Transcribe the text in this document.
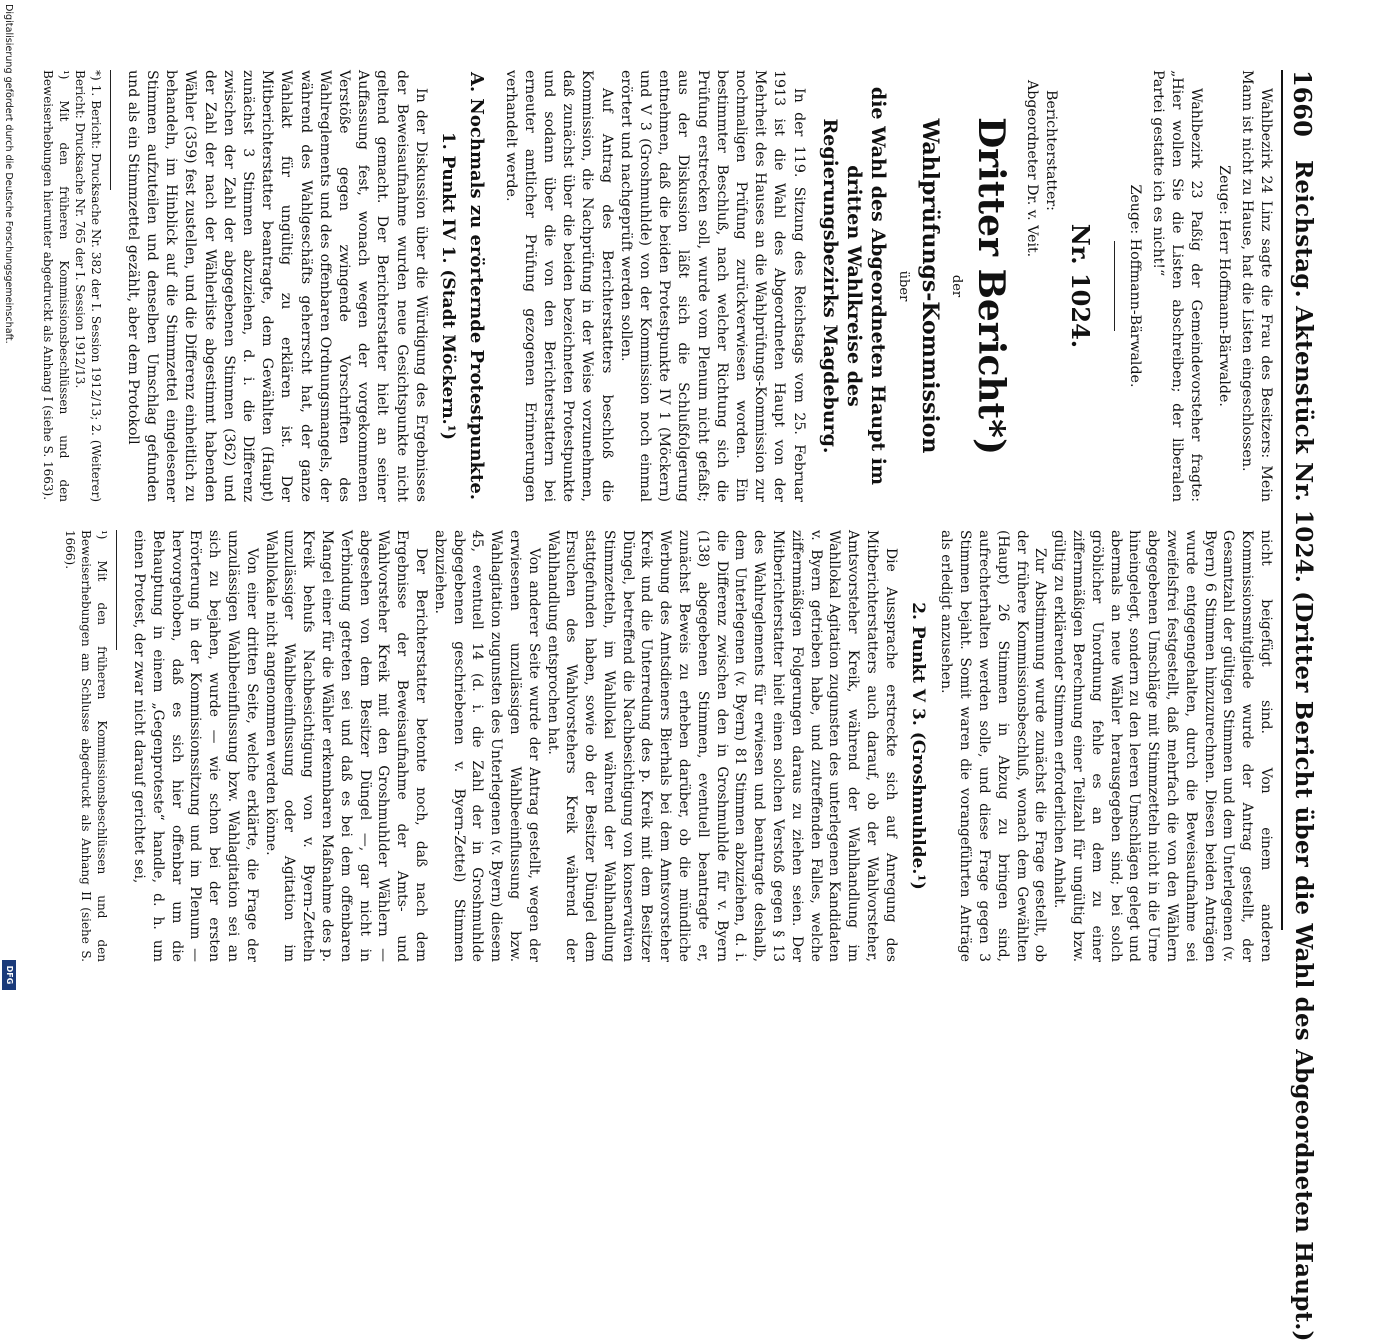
1660
Reichstag. Aktenstück Nr. 1024. (Dritter Bericht über die Wahl des Abgeordneten Haupt.)

Wahlbezirk 24 Linz sagte die Frau des Besitzers: Mein Mann ist nicht zu Hause, hat die Listen eingeschlossen.

Zeuge: Herr Hoffmann-Bärwalde.

Wahlbezirk 23 Paßig der Gemeindevorsteher fragte: „Hier wollen Sie die Listen abschreiben; der liberalen Partei gestatte ich es nicht!“

Zeuge: Hoffmann-Bärwalde.

Nr. 1024.

Berichterstatter:

Abgeordneter Dr. v. Veit.

Dritter Bericht*)
der
Wahlprüfungs-Kommission
über
die Wahl des Abgeordneten Haupt im dritten Wahlkreise des Regierungsbezirks Magdeburg.

In der 119. Sitzung des Reichstags vom 25. Februar 1913 ist die Wahl des Abgeordneten Haupt von der Mehrheit des Hauses an die Wahlprüfungs-Kommission zur nochmaligen Prüfung zurückverwiesen worden. Ein bestimmter Beschluß, nach welcher Richtung sich die Prüfung erstrecken soll, wurde vom Plenum nicht gefaßt; aus der Diskussion läßt sich die Schlußfolgerung entnehmen, daß die beiden Protestpunkte IV 1 (Möckern) und V 3 (Groshmuhlde) von der Kommission noch einmal erörtert und nachgeprüft werden sollen.

Auf Antrag des Berichterstatters beschloß die Kommission, die Nachprüfung in der Weise vorzunehmen, daß zunächst über die beiden bezeichneten Protestpunkte und sodann über die von den Berichterstattern bei erneuter amtlicher Prüfung gezogenen Erinnerungen verhandelt werde.

A. Nochmals zu erörternde Protestpunkte.
1. Punkt IV 1. (Stadt Möckern.¹)

In der Diskussion über die Würdigung des Ergebnisses der Beweisaufnahme wurden neue Gesichtspunkte nicht geltend gemacht. Der Berichterstatter hielt an seiner Auffassung fest, wonach wegen der vorgekommenen Verstöße gegen zwingende Vorschriften des Wahlreglements und des offenbaren Ordnungsmangels, der während des Wahlgeschäfts geherrscht hat, der ganze Wahlakt für ungültig zu erklären ist. Der Mitberichterstatter beantragte, dem Gewählten (Haupt) zunächst 3 Stimmen abzuziehen, d. i. die Differenz zwischen der Zahl der abgegebenen Stimmen (362) und der Zahl der nach der Wählerliste abgestimmt habenden Wähler (359) fest zustellen, und die Differenz einheitlich zu behandeln, im Hinblick auf die Stimmzettel eingelesener Stimmen aufzuteilen und denselben Umschlag gefunden und als ein Stimmzettel gezählt, aber dem Protokoll

*) 1. Bericht: Drucksache Nr. 382 der I. Session 1912/13; 2. (Weiterer) Bericht: Drucksache Nr. 765 der I. Session 1912/13.

¹) Mit den früheren Kommissionsbeschlüssen und den Beweiserhebungen hierunter abgedruckt als Anhang I (siehe S. 1663).

nicht beigefügt sind. Von einem anderen Kommissionsmitgliede wurde der Antrag gestellt, der Gesamtzahl der gültigen Stimmen und dem Unterlegenen (v. Byern) 6 Stimmen hinzuzurechnen. Diesen beiden Anträgen wurde entgegengehalten, durch die Beweisaufnahme sei zweifelsfrei festgestellt, daß mehrfach die von den Wählern abgegebenen Umschläge mit Stimmzetteln nicht in die Urne hineingelegt, sondern zu den leeren Umschlägen gelegt und abermals an neue Wähler herausgegeben sind; bei solch gröblicher Unordnung fehle es an dem zu einer ziffernmäßigen Berechnung einer Teilzahl für ungültig bzw. gültig zu erklärender Stimmen erforderlichen Anhalt.

Zur Abstimmung wurde zunächst die Frage gestellt, ob der frühere Kommissionsbeschluß, wonach dem Gewählten (Haupt) 26 Stimmen in Abzug zu bringen sind, aufrechterhalten werden solle, und diese Frage gegen 3 Stimmen bejaht. Somit waren die vorangeführten Anträge als erledigt anzusehen.

2. Punkt V 3. (Groshmuhlde.¹)

Die Aussprache erstreckte sich auf Anregung des Mitberichterstatters auch darauf, ob der Wahlvorsteher, Amtsvorsteher Kreik, während der Wahlhandlung im Wahllokal Agitation zugunsten des unterlegenen Kandidaten v. Byern getrieben habe, und zutreffenden Falles, welche ziffernmäßigen Folgerungen daraus zu ziehen seien. Der Mitberichterstatter hielt einen solchen Verstoß gegen § 13 des Wahlreglements für erwiesen und beantragte deshalb, dem Unterlegenen (v. Byern) 81 Stimmen abzuziehen, d. i. die Differenz zwischen den in Groshmuhlde für v. Byern (138) abgegebenen Stimmen, eventuell beantragte er, zunächst Beweis zu erheben darüber, ob die mündliche Werbung des Amtsdieners Bierhals bei dem Amtsvorsteher Kreik und die Unterredung des p. Kreik mit dem Besitzer Düngel, betreffend die Nachbesichtigung von konservativen Stimmzetteln, im Wahllokal während der Wahlhandlung stattgefunden haben, sowie ob der Besitzer Düngel dem Ersuchen des Wahlvorstehers Kreik während der Wahlhandlung entsprochen hat.

Von anderer Seite wurde der Antrag gestellt, wegen der erwiesenen unzulässigen Wahlbeeinflussung bzw. Wahlagitation zugunsten des Unterlegenen (v. Byern) diesem 45, eventuell 14 (d. i. die Zahl der in Groshmuhlde abgegebenen geschriebenen v. Byern-Zettel) Stimmen abzuziehen.

Der Berichterstatter betonte noch, daß nach dem Ergebnisse der Beweisaufnahme der Amts- und Wahlvorsteher Kreik mit den Groshmuhlder Wählern — abgesehen von dem Besitzer Düngel —, gar nicht in Verbindung getreten sei und daß es bei dem offenbaren Mangel einer für die Wähler erkennbaren Maßnahme des p. Kreik behufs Nachbesichtigung von v. Byern-Zetteln unzulässiger Wahlbeeinflussung oder Agitation im Wahllokale nicht angenommen werden könne.

Von einer dritten Seite, welche erklärte, die Frage der unzulässigen Wahlbeeinflussung bzw. Wahlagitation sei an sich zu bejahen, wurde — wie schon bei der ersten Erörterung in der Kommissionssitzung und im Plenum — hervorgehoben, daß es sich hier offenbar um die Behauptung in einem „Gegenproteste“ handle, d. h. um einen Protest, der zwar nicht darauf gerichtet sei,

¹) Mit den früheren Kommissionsbeschlüssen und den Beweiserhebungen am Schlusse abgedruckt als Anhang II (siehe S. 1666).

Digitalisierung gefördert durch die Deutsche Forschungsgemeinschaft.
DFG
